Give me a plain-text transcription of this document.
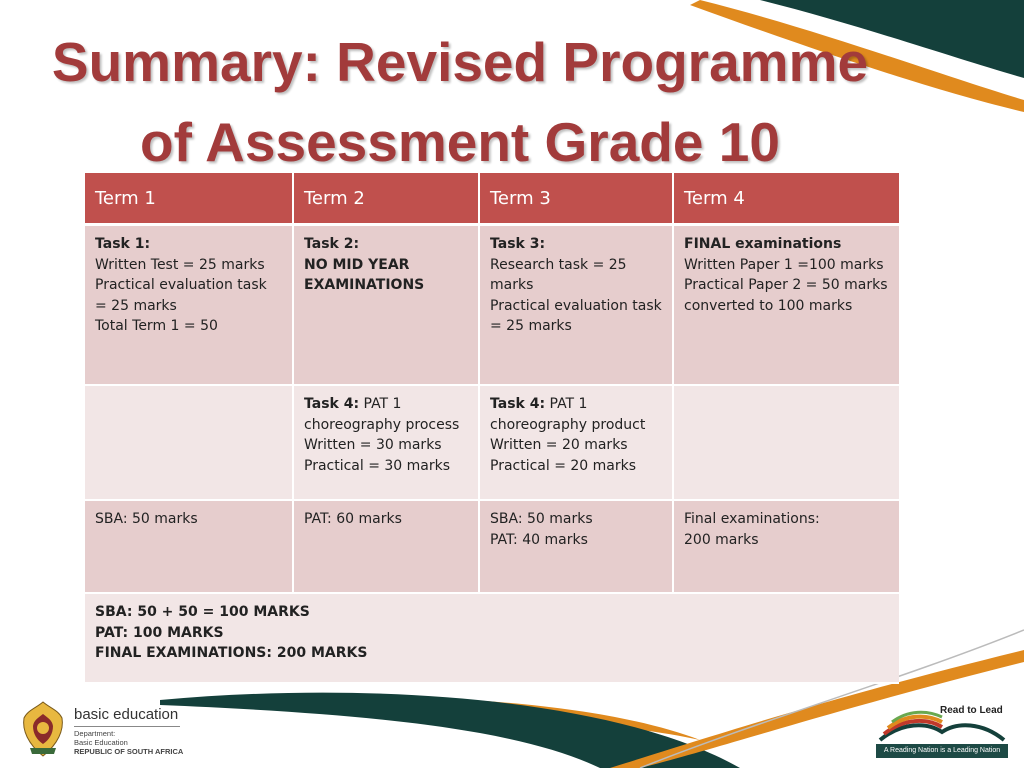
Summary: Revised Programme
of Assessment Grade 10
Term 1	Term 2	Term 3	Term 4

Task 1:
Written Test = 25 marks
Practical evaluation task = 25 marks
Total Term 1 = 50	Task 2:
NO MID YEAR EXAMINATIONS	Task 3:
Research task = 25 marks
Practical evaluation task = 25 marks	FINAL examinations
Written Paper 1 =100 marks
Practical Paper 2 = 50 marks converted to 100 marks

	Task 4: PAT 1
choreography process
Written = 30 marks
Practical = 30 marks	Task 4: PAT 1
choreography product
Written = 20 marks
Practical = 20 marks	

SBA: 50 marks	PAT: 60 marks	SBA: 50 marks
PAT: 40 marks	Final examinations:
200 marks

SBA: 50 + 50 = 100 MARKS
PAT: 100 MARKS
FINAL EXAMINATIONS: 200 MARKS			
basic education
Department:
Basic Education
REPUBLIC OF SOUTH AFRICA
Read to Lead
A Reading Nation is a Leading Nation
